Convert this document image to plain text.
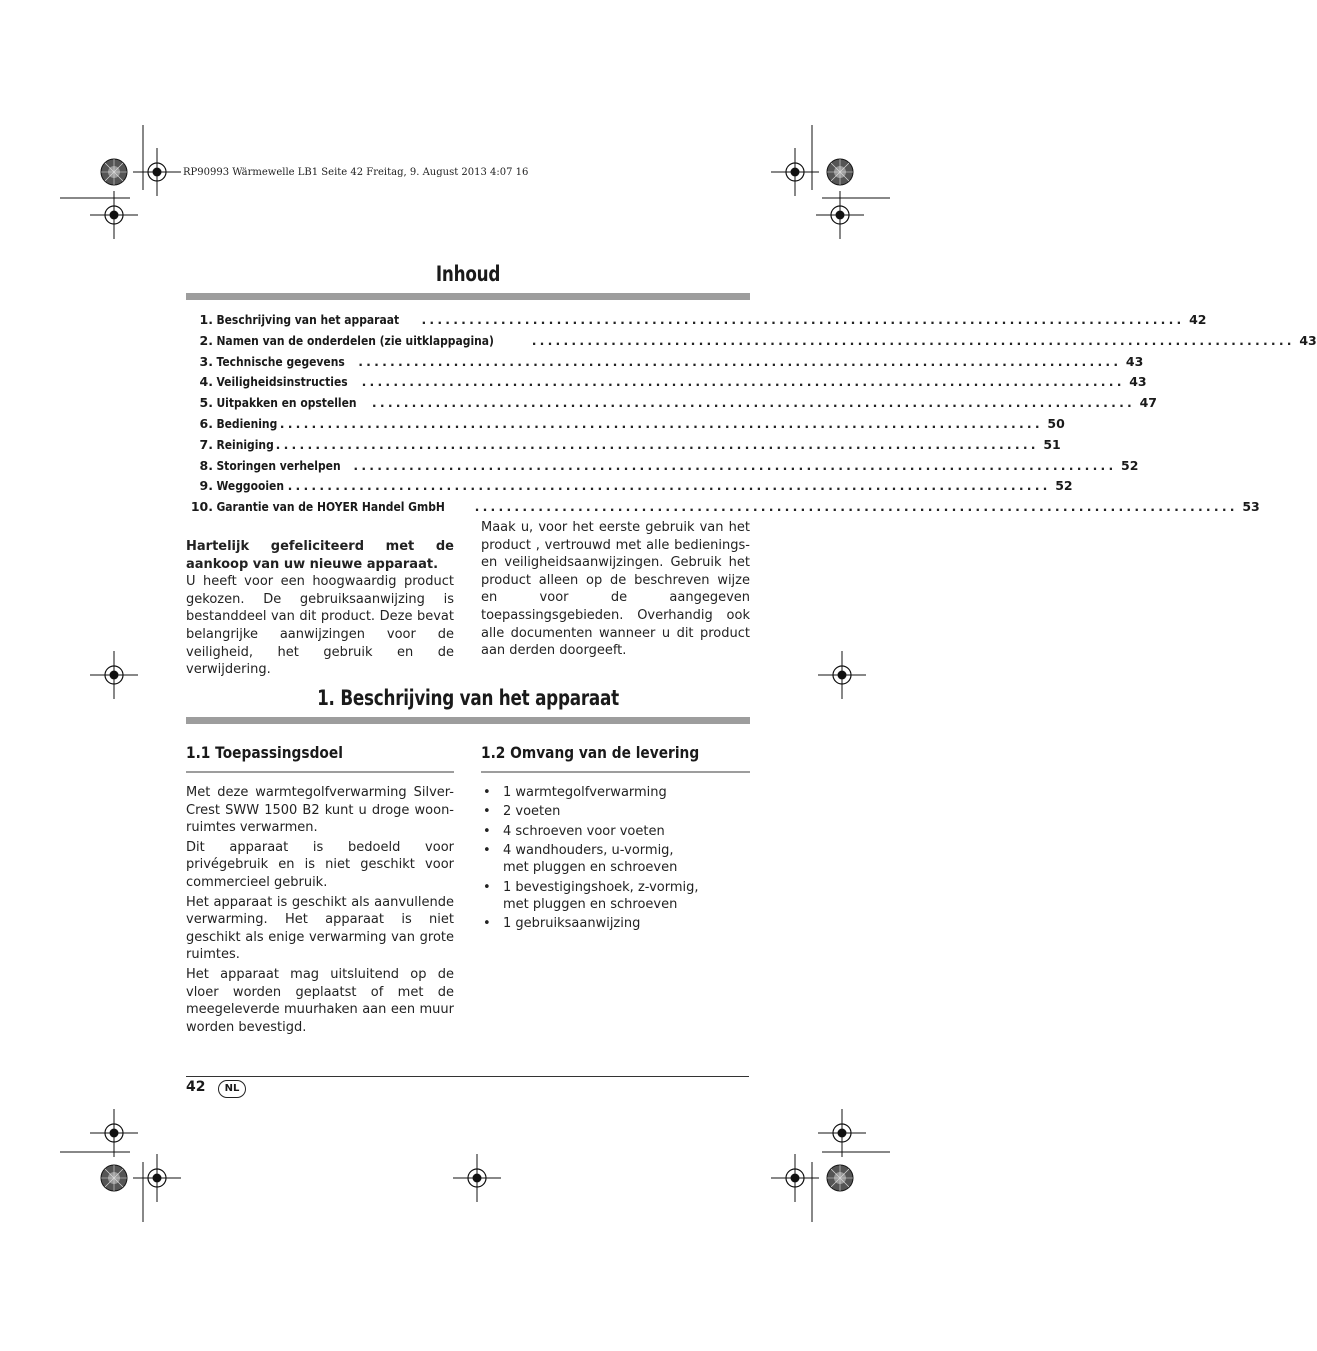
RP90993 Wärmewelle LB1 Seite 42 Freitag, 9. August 2013 4:07 16
Inhoud
1. Beschrijving van het apparaat	................................................................................................ 42
2. Namen van de onderdelen (zie uitklappagina)	................................................................................................ 43
3. Technische gegevens	................................................................................................ 43
4. Veiligheidsinstructies	................................................................................................ 43
5. Uitpakken en opstellen	................................................................................................ 47
6. Bediening ................................................................................................ 50
7. Reiniging ................................................................................................ 51
8. Storingen verhelpen	................................................................................................ 52
9. Weggooien ................................................................................................ 52
10. Garantie van de HOYER Handel GmbH	................................................................................................ 53
Hartelijk gefeliciteerd met de aankoop van uw nieuwe apparaat.
U heeft voor een hoogwaardig product gekozen. De gebruiksaanwijzing is bestanddeel van dit product. Deze bevat belangrijke aanwijzingen voor de veiligheid, het gebruik en de verwijdering.
Maak u, voor het eerste gebruik van het product , vertrouwd met alle bedienings- en veiligheidsaanwijzingen. Gebruik het product alleen op de beschreven wijze en voor de aangegeven toepassingsgebieden. Overhandig ook alle documenten wanneer u dit product aan derden doorgeeft.
1. Beschrijving van het apparaat
1.1 Toepassingsdoel
Met deze warmtegolfverwarming Silver-Crest SWW 1500 B2 kunt u droge woon-ruimtes verwarmen.
Dit apparaat is bedoeld voor privégebruik en is niet geschikt voor commercieel gebruik.
Het apparaat is geschikt als aanvullende verwarming. Het apparaat is niet geschikt als enige verwarming van grote ruimtes.
Het apparaat mag uitsluitend op de vloer worden geplaatst of met de meegeleverde muurhaken aan een muur worden bevestigd.
1.2 Omvang van de levering
• 1 warmtegolfverwarming
• 2 voeten
• 4 schroeven voor voeten
• 4 wandhouders, u-vormig,
met pluggen en schroeven
• 1 bevestigingshoek, z-vormig,
met pluggen en schroeven
• 1 gebruiksaanwijzing
42	NL
